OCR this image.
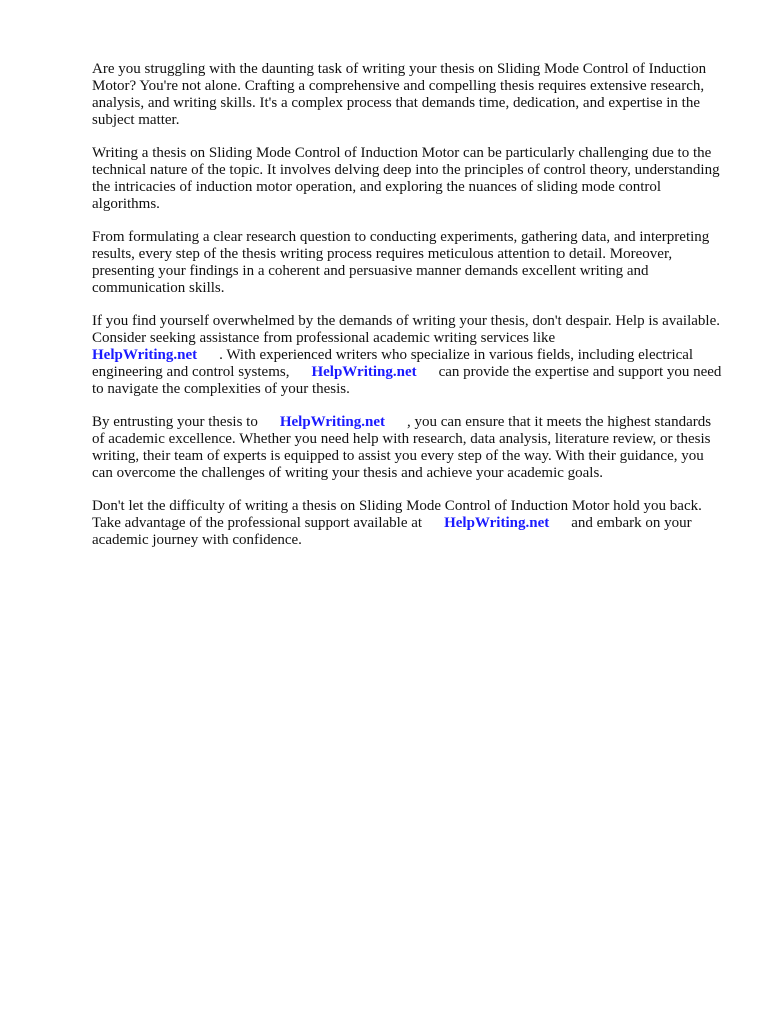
Are you struggling with the daunting task of writing your thesis on Sliding Mode Control of Induction Motor? You're not alone. Crafting a comprehensive and compelling thesis requires extensive research, analysis, and writing skills. It's a complex process that demands time, dedication, and expertise in the subject matter.

Writing a thesis on Sliding Mode Control of Induction Motor can be particularly challenging due to the technical nature of the topic. It involves delving deep into the principles of control theory, understanding the intricacies of induction motor operation, and exploring the nuances of sliding mode control algorithms.

From formulating a clear research question to conducting experiments, gathering data, and interpreting results, every step of the thesis writing process requires meticulous attention to detail. Moreover, presenting your findings in a coherent and persuasive manner demands excellent writing and communication skills.

If you find yourself overwhelmed by the demands of writing your thesis, don't despair. Help is available. Consider seeking assistance from professional academic writing services like
HelpWriting.net . With experienced writers who specialize in various fields, including electrical engineering and control systems, HelpWriting.net can provide the expertise and support you need to navigate the complexities of your thesis.

By entrusting your thesis to HelpWriting.net , you can ensure that it meets the highest standards of academic excellence. Whether you need help with research, data analysis, literature review, or thesis writing, their team of experts is equipped to assist you every step of the way. With their guidance, you can overcome the challenges of writing your thesis and achieve your academic goals.

Don't let the difficulty of writing a thesis on Sliding Mode Control of Induction Motor hold you back. Take advantage of the professional support available at HelpWriting.net and embark on your academic journey with confidence.
